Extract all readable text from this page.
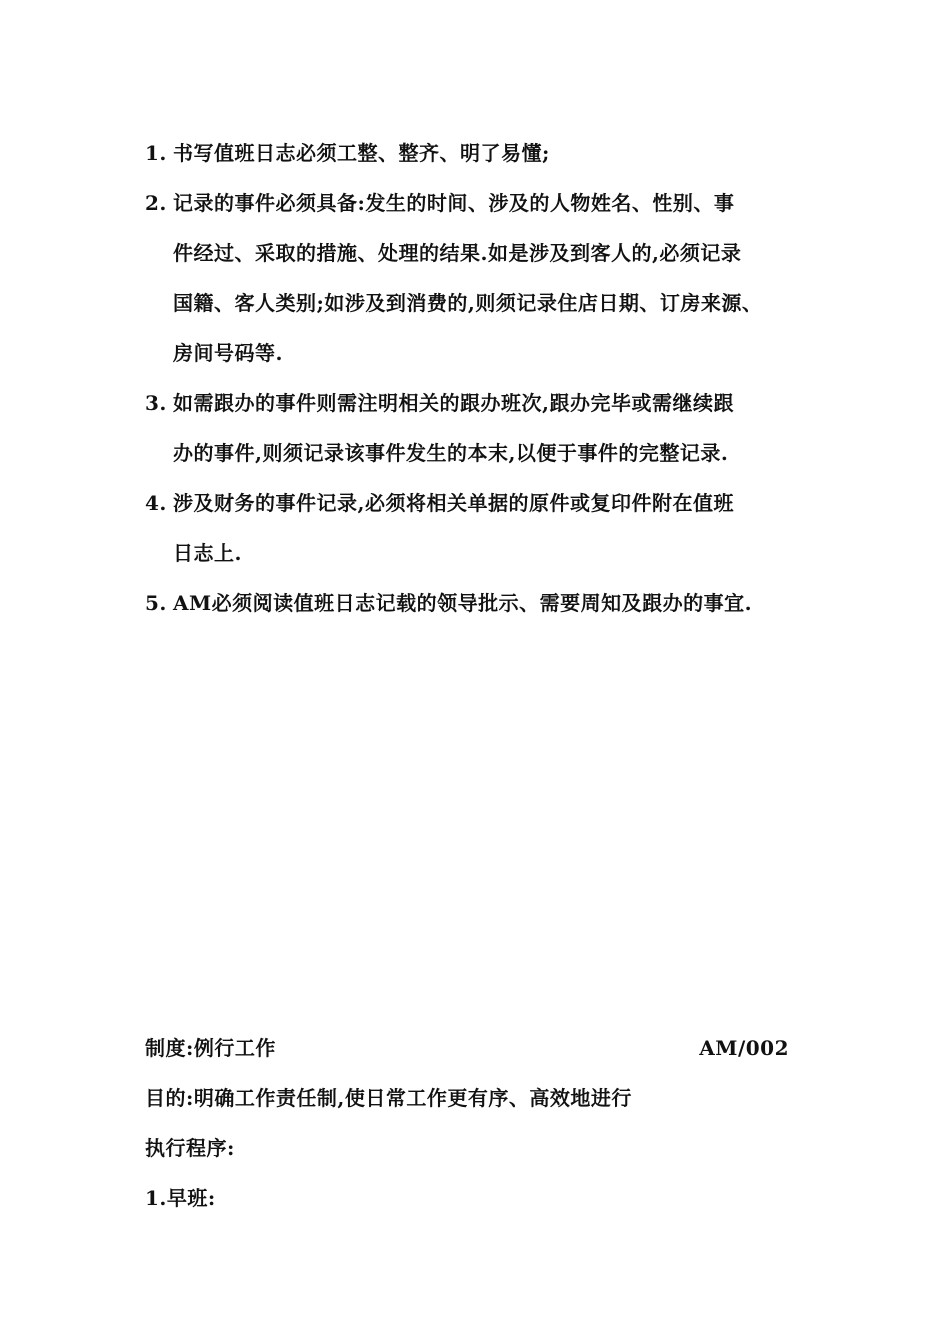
1. 书写值班日志必须工整、整齐、明了易懂;
2. 记录的事件必须具备:发生的时间、涉及的人物姓名、性别、事
件经过、采取的措施、处理的结果.如是涉及到客人的,必须记录
国籍、客人类别;如涉及到消费的,则须记录住店日期、订房来源、
房间号码等.
3. 如需跟办的事件则需注明相关的跟办班次,跟办完毕或需继续跟
办的事件,则须记录该事件发生的本末,以便于事件的完整记录.
4. 涉及财务的事件记录,必须将相关单据的原件或复印件附在值班
日志上.
5. AM必须阅读值班日志记载的领导批示、需要周知及跟办的事宜.
制度:例行工作	AM/002
目的:明确工作责任制,使日常工作更有序、高效地进行
执行程序:
1.早班:
